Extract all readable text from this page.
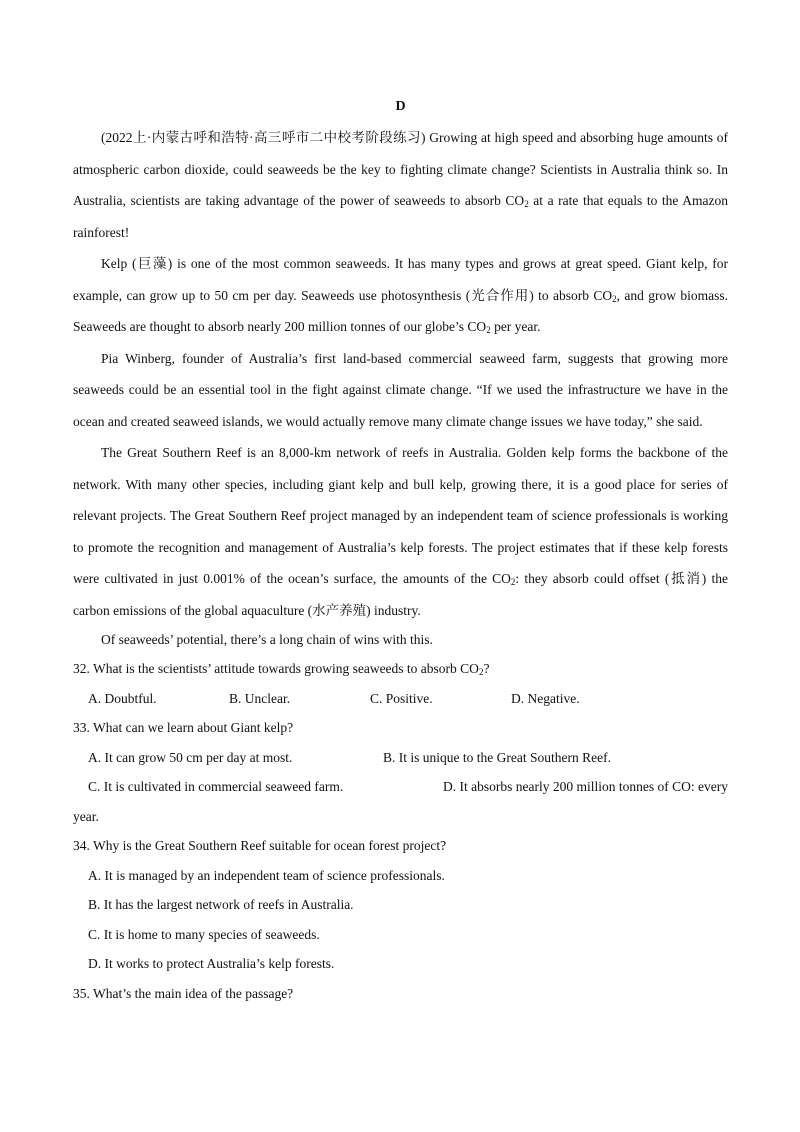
D

(2022上·内蒙古呼和浩特·高三呼市二中校考阶段练习) Growing at high speed and absorbing huge amounts of atmospheric carbon dioxide, could seaweeds be the key to fighting climate change? Scientists in Australia think so. In Australia, scientists are taking advantage of the power of seaweeds to absorb $CO_2$ at a rate that equals to the Amazon rainforest!

Kelp (巨藻) is one of the most common seaweeds. It has many types and grows at great speed. Giant kelp, for example, can grow up to 50 cm per day. Seaweeds use photosynthesis (光合作用) to absorb $CO_2$, and grow biomass. Seaweeds are thought to absorb nearly 200 million tonnes of our globe’s $CO_2$ per year.

Pia Winberg, founder of Australia’s first land-based commercial seaweed farm, suggests that growing more seaweeds could be an essential tool in the fight against climate change. “If we used the infrastructure we have in the ocean and created seaweed islands, we would actually remove many climate change issues we have today,” she said.

The Great Southern Reef is an 8,000-km network of reefs in Australia. Golden kelp forms the backbone of the network. With many other species, including giant kelp and bull kelp, growing there, it is a good place for series of relevant projects. The Great Southern Reef project managed by an independent team of science professionals is working to promote the recognition and management of Australia’s kelp forests. The project estimates that if these kelp forests were cultivated in just 0.001% of the ocean’s surface, the amounts of the $CO_2$: they absorb could offset (抵消) the carbon emissions of the global aquaculture (水产养殖) industry.

Of seaweeds’ potential, there’s a long chain of wins with this.

32. What is the scientists’ attitude towards growing seaweeds to absorb $CO_2$?

A. Doubtful.	B. Unclear.	C. Positive.	D. Negative.

33. What can we learn about Giant kelp?

A. It can grow 50 cm per day at most.	B. It is unique to the Great Southern Reef.
C. It is cultivated in commercial seaweed farm.	D. It absorbs nearly 200 million tonnes of CO: every

year.

34. Why is the Great Southern Reef suitable for ocean forest project?

A. It is managed by an independent team of science professionals.

B. It has the largest network of reefs in Australia.

C. It is home to many species of seaweeds.

D. It works to protect Australia’s kelp forests.

35. What’s the main idea of the passage?
